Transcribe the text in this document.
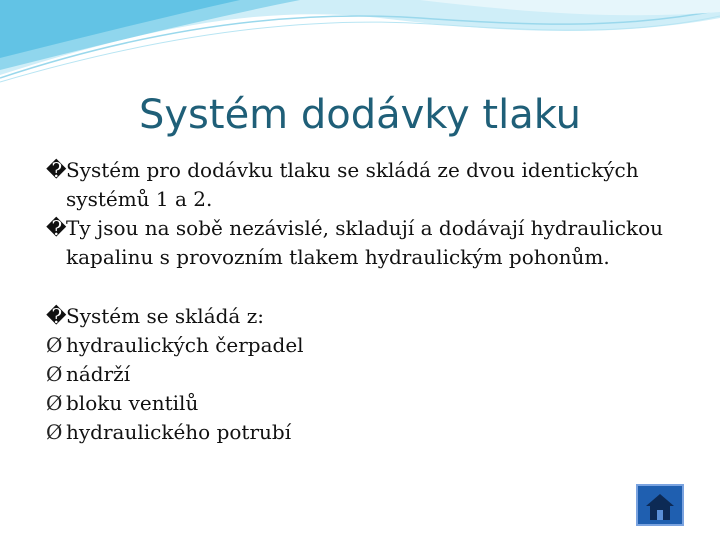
Systém dodávky tlaku
� Systém pro dodávku tlaku se skládá ze dvou identických systémů 1 a 2.
� Ty jsou na sobě nezávislé, skladují a dodávají hydraulickou kapalinu s provozním tlakem hydraulickým pohonům.
� Systém se skládá z:
Ø hydraulických čerpadel
Ø nádrží
Ø bloku ventilů
Ø hydraulického potrubí
